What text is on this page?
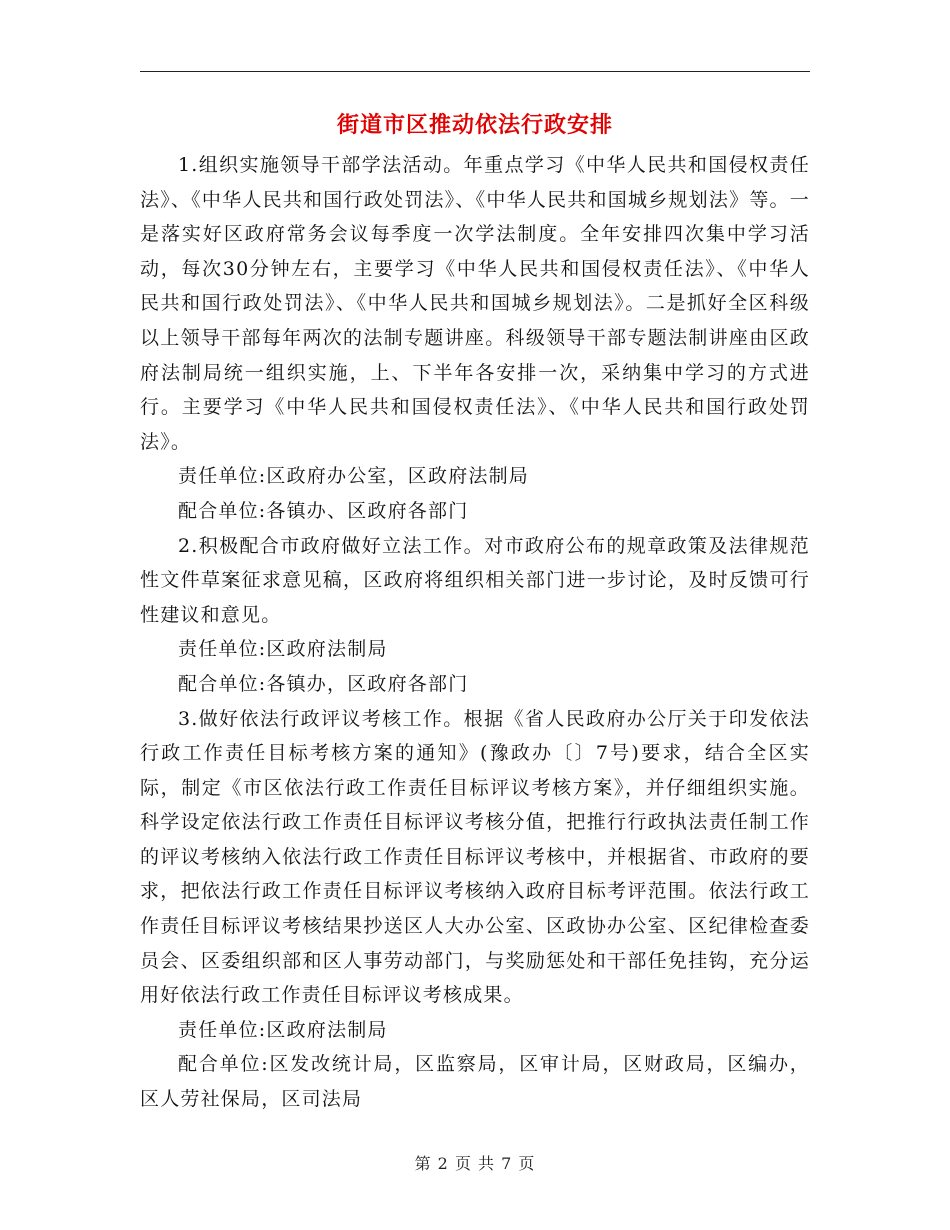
街道市区推动依法行政安排

1.组织实施领导干部学法活动。年重点学习《中华人民共和国侵权责任法》、《中华人民共和国行政处罚法》、《中华人民共和国城乡规划法》等。一是落实好区政府常务会议每季度一次学法制度。全年安排四次集中学习活动，每次30分钟左右，主要学习《中华人民共和国侵权责任法》、《中华人民共和国行政处罚法》、《中华人民共和国城乡规划法》。二是抓好全区科级以上领导干部每年两次的法制专题讲座。科级领导干部专题法制讲座由区政府法制局统一组织实施，上、下半年各安排一次，采纳集中学习的方式进行。主要学习《中华人民共和国侵权责任法》、《中华人民共和国行政处罚法》。

责任单位:区政府办公室，区政府法制局

配合单位:各镇办、区政府各部门

2.积极配合市政府做好立法工作。对市政府公布的规章政策及法律规范性文件草案征求意见稿，区政府将组织相关部门进一步讨论，及时反馈可行性建议和意见。

责任单位:区政府法制局

配合单位:各镇办，区政府各部门

3.做好依法行政评议考核工作。根据《省人民政府办公厅关于印发依法行政工作责任目标考核方案的通知》(豫政办〔〕7号)要求，结合全区实际，制定《市区依法行政工作责任目标评议考核方案》，并仔细组织实施。科学设定依法行政工作责任目标评议考核分值，把推行行政执法责任制工作的评议考核纳入依法行政工作责任目标评议考核中，并根据省、市政府的要求，把依法行政工作责任目标评议考核纳入政府目标考评范围。依法行政工作责任目标评议考核结果抄送区人大办公室、区政协办公室、区纪律检查委员会、区委组织部和区人事劳动部门，与奖励惩处和干部任免挂钩，充分运用好依法行政工作责任目标评议考核成果。

责任单位:区政府法制局

配合单位:区发改统计局，区监察局，区审计局，区财政局，区编办，区人劳社保局，区司法局

第 2 页 共 7 页
